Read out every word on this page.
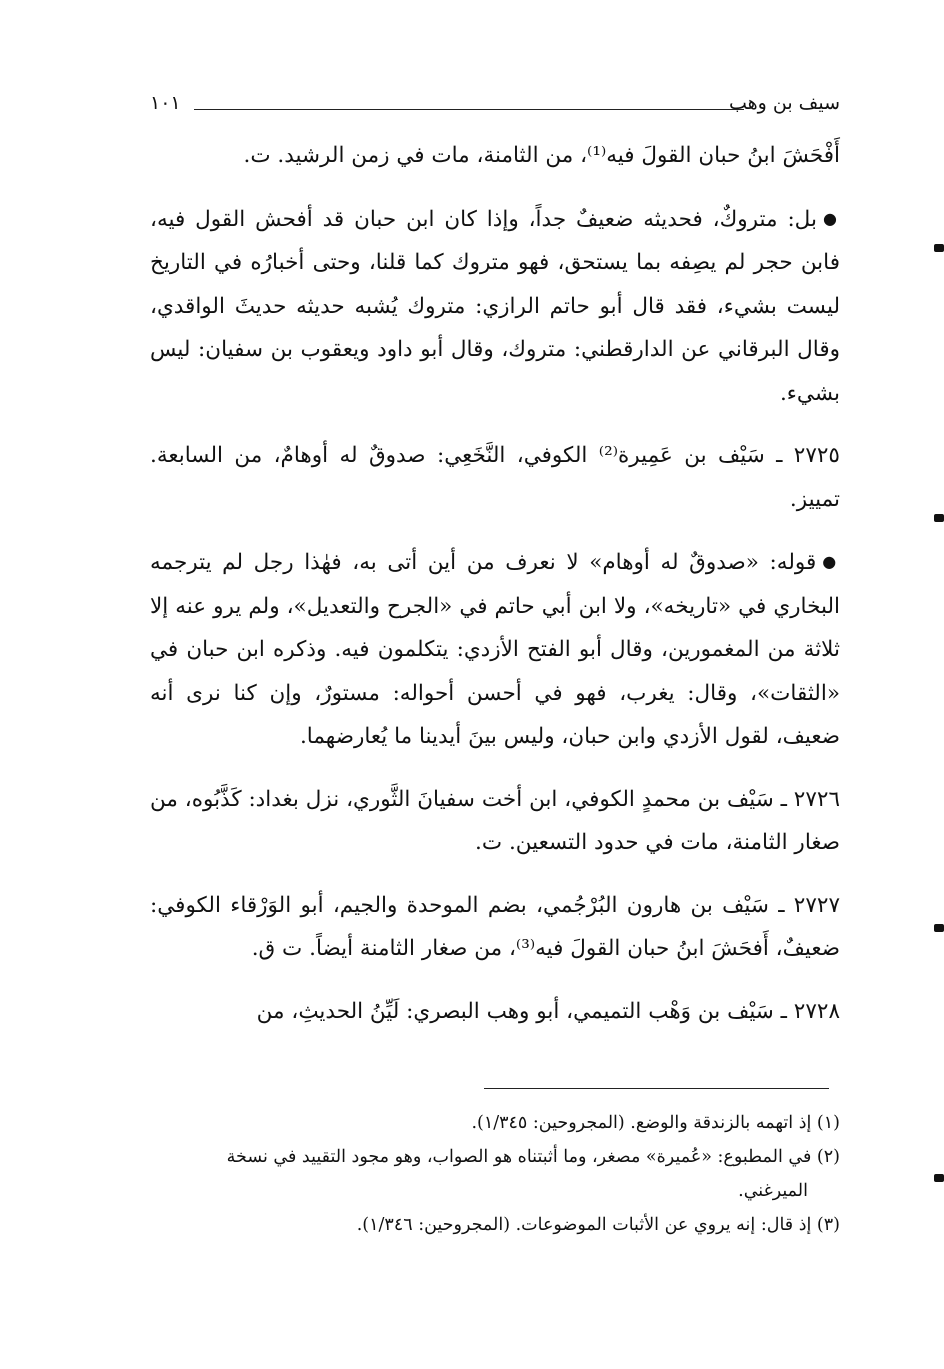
سيف بن وهب
١٠١

أَفْحَشَ ابنُ حبان القولَ فيه⁽¹⁾، من الثامنة، مات في زمن الرشيد. ت.

●بل: متروكٌ، فحديثه ضعيفٌ جداً، وإذا كان ابن حبان قد أفحش القول فيه، فابن حجر لم يصِفه بما يستحق، فهو متروك كما قلنا، وحتى أخبارُه في التاريخ ليست بشيء، فقد قال أبو حاتم الرازي: متروك يُشبه حديثه حديثَ الواقدي، وقال البرقاني عن الدارقطني: متروك، وقال أبو داود ويعقوب بن سفيان: ليس بشيء.

٢٧٢٥ ـ سَيْف بن عَمِيرة⁽²⁾ الكوفي، النَّخَعِي: صدوقٌ له أوهامٌ، من السابعة. تمييز.

●قوله: «صدوقٌ له أوهام» لا نعرف من أين أتى به، فهٰذا رجل لم يترجمه البخاري في «تاريخه»، ولا ابن أبي حاتم في «الجرح والتعديل»، ولم يرو عنه إلا ثلاثة من المغمورين، وقال أبو الفتح الأزدي: يتكلمون فيه. وذكره ابن حبان في «الثقات»، وقال: يغرب، فهو في أحسن أحواله: مستورٌ، وإن كنا نرى أنه ضعيف، لقول الأزدي وابن حبان، وليس بينَ أيدينا ما يُعارضهما.

٢٧٢٦ ـ سَيْف بن محمدٍ الكوفي، ابن أخت سفيانَ الثَّوري، نزل بغداد: كَذَّبُوه، من صغار الثامنة، مات في حدود التسعين. ت.

٢٧٢٧ ـ سَيْف بن هارون البُرْجُمي، بضم الموحدة والجيم، أبو الوَرْقاء الكوفي: ضعيفٌ، أَفحَشَ ابنُ حبان القولَ فيه⁽³⁾، من صغار الثامنة أيضاً. ت ق.

٢٧٢٨ ـ سَيْف بن وَهْب التميمي، أبو وهب البصري: لَيِّنُ الحديثِ، من

(١) إذ اتهمه بالزندقة والوضع. (المجروحين: ١/٣٤٥).

(٢) في المطبوع: «عُميرة» مصغر، وما أثبتناه هو الصواب، وهو مجود التقييد في نسخة

الميرغني.

(٣) إذ قال: إنه يروي عن الأثبات الموضوعات. (المجروحين: ١/٣٤٦).
